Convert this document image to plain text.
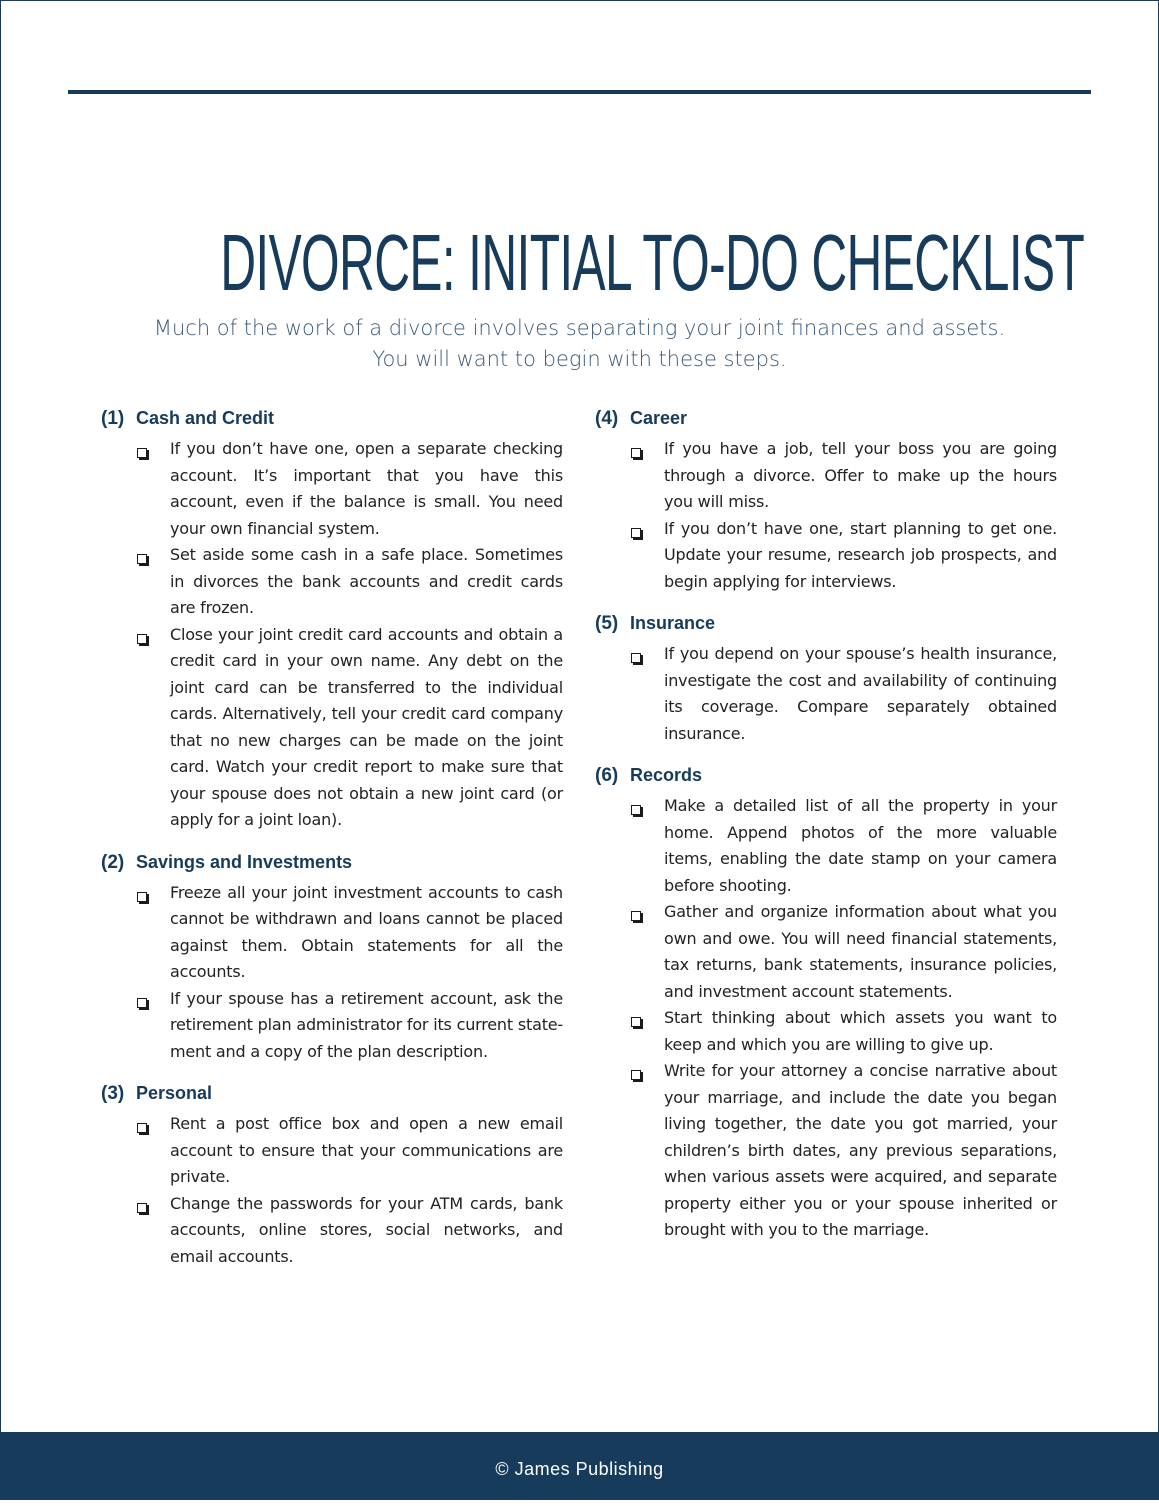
DIVORCE: INITIAL TO-DO CHECKLIST
Much of the work of a divorce involves separating your joint finances and assets.
You will want to begin with these steps.
(1) Cash and Credit
If you don’t have one, open a separate checking account. It’s important that you have this account, even if the balance is small. You need your own financial system.
Set aside some cash in a safe place. Sometimes in divorces the bank accounts and credit cards are frozen.
Close your joint credit card accounts and obtain a credit card in your own name. Any debt on the joint card can be transferred to the individual cards. Alternatively, tell your credit card company that no new charges can be made on the joint card. Watch your credit report to make sure that your spouse does not obtain a new joint card (or apply for a joint loan).
(2) Savings and Investments
Freeze all your joint investment accounts to cash cannot be withdrawn and loans cannot be placed against them. Obtain statements for all the accounts.
If your spouse has a retirement account, ask the retirement plan administrator for its current state-ment and a copy of the plan description.
(3) Personal
Rent a post office box and open a new email account to ensure that your communications are private.
Change the passwords for your ATM cards, bank accounts, online stores, social networks, and email accounts.
(4) Career
If you have a job, tell your boss you are going through a divorce. Offer to make up the hours you will miss.
If you don’t have one, start planning to get one. Update your resume, research job prospects, and begin applying for interviews.
(5) Insurance
If you depend on your spouse’s health insurance, investigate the cost and availability of continuing its coverage. Compare separately obtained insurance.
(6) Records
Make a detailed list of all the property in your home. Append photos of the more valuable items, enabling the date stamp on your camera before shooting.
Gather and organize information about what you own and owe. You will need financial statements, tax returns, bank statements, insurance policies, and investment account statements.
Start thinking about which assets you want to keep and which you are willing to give up.
Write for your attorney a concise narrative about your marriage, and include the date you began living together, the date you got married, your children’s birth dates, any previous separations, when various assets were acquired, and separate property either you or your spouse inherited or brought with you to the marriage.
© James Publishing
